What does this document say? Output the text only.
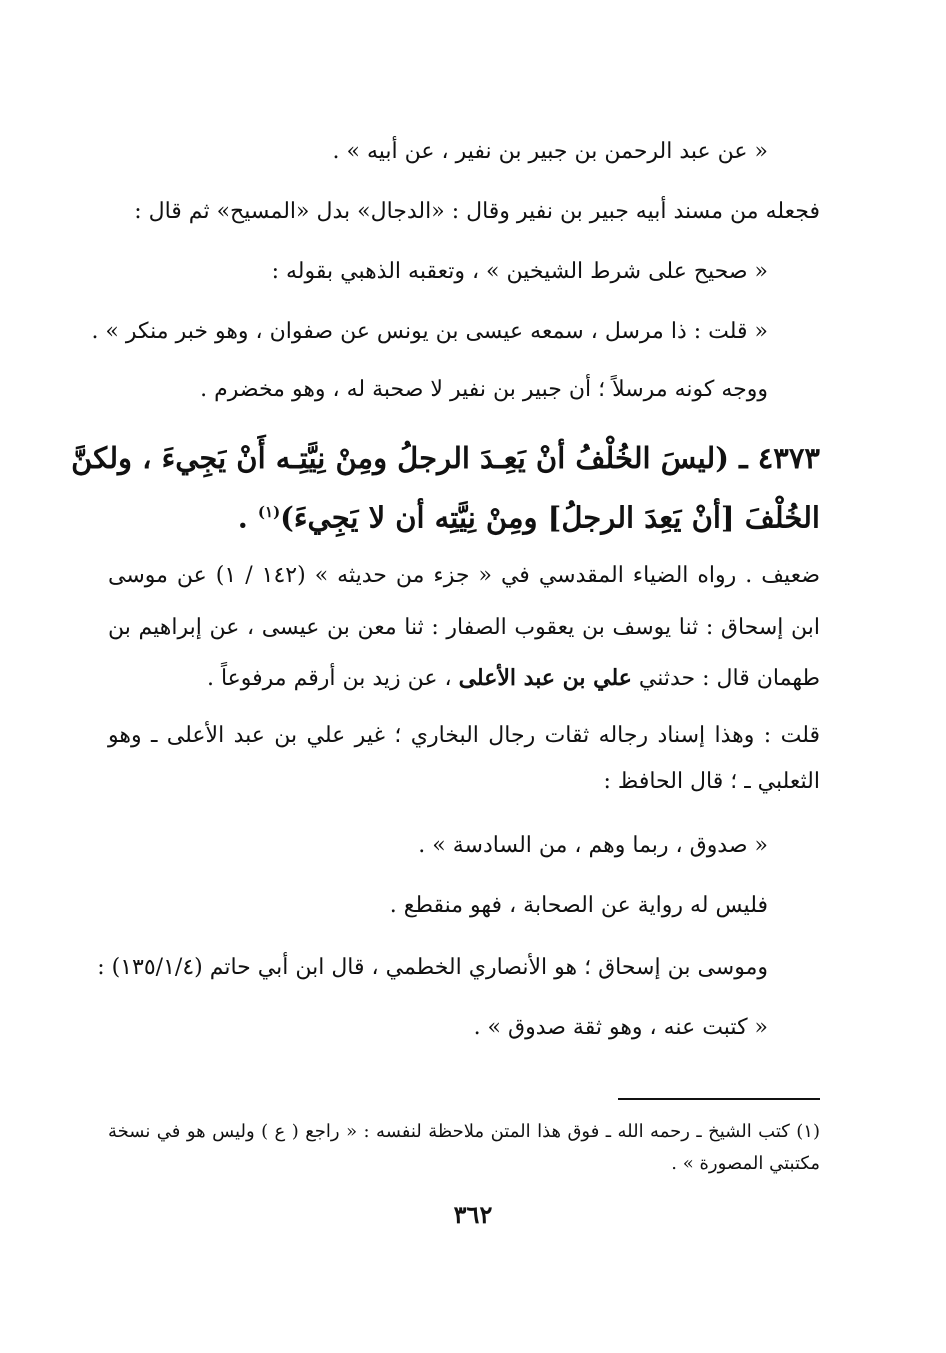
« عن عبد الرحمن بن جبير بن نفير ، عن أبيه » .
فجعله من مسند أبيه جبير بن نفير وقال : «الدجال» بدل «المسيح» ثم قال :
« صحيح على شرط الشيخين » ، وتعقبه الذهبي بقوله :
« قلت : ذا مرسل ، سمعه عيسى بن يونس عن صفوان ، وهو خبر منكر » .
ووجه كونه مرسلاً ؛ أن جبير بن نفير لا صحبة له ، وهو مخضرم .
٤٣٧٣ ـ (ليسَ الخُلْفُ أنْ يَعِـدَ الرجلُ ومِنْ نِيَّتِـه أَنْ يَجِيءَ ، ولكنَّ
الخُلْفَ [أنْ يَعِدَ الرجلُ] ومِنْ نِيَّتِه أن لا يَجِيءَ)$^{(١)}$ .
ضعيف . رواه الضياء المقدسي في « جزء من حديثه » (١٤٢ / ١) عن موسى
ابن إسحاق : ثنا يوسف بن يعقوب الصفار : ثنا معن بن عيسى ، عن إبراهيم بن
طهمان قال : حدثني علي بن عبد الأعلى ، عن زيد بن أرقم مرفوعاً .
قلت : وهذا إسناد رجاله ثقات رجال البخاري ؛ غير علي بن عبد الأعلى ـ وهو
الثعلبي ـ ؛ قال الحافظ :
« صدوق ، ربما وهم ، من السادسة » .
فليس له رواية عن الصحابة ، فهو منقطع .
وموسى بن إسحاق ؛ هو الأنصاري الخطمي ، قال ابن أبي حاتم (١٣٥/١/٤) :
« كتبت عنه ، وهو ثقة صدوق » .
(١) كتب الشيخ ـ رحمه الله ـ فوق هذا المتن ملاحظة لنفسه : « راجع ( ع ) وليس هو في نسخة
مكتبتي المصورة » .
٣٦٢
